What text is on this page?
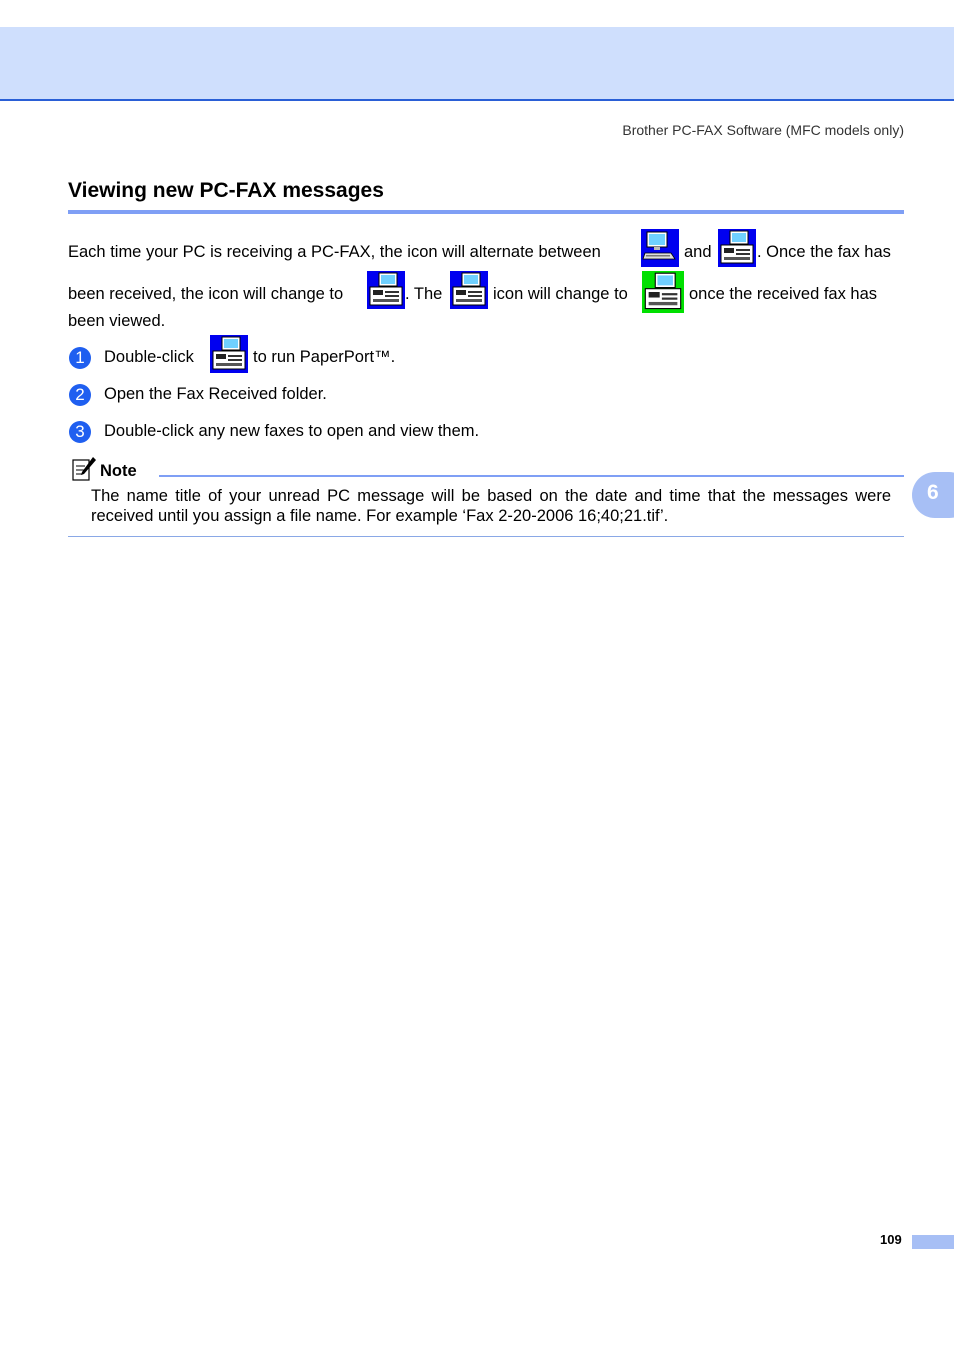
Brother PC-FAX Software (MFC models only)
Viewing new PC-FAX messages
Each time your PC is receiving a PC-FAX, the icon will alternate between	and	. Once the fax has
been received, the icon will change to	. The	icon will change to	once the received fax has
been viewed.
1	Double-click	to run PaperPort™.
2	Open the Fax Received folder.
3	Double-click any new faxes to open and view them.
Note
The name title of your unread PC message will be based on the date and time that the messages were received until you assign a file name. For example ‘Fax 2-20-2006 16;40;21.tif’.
6
109
